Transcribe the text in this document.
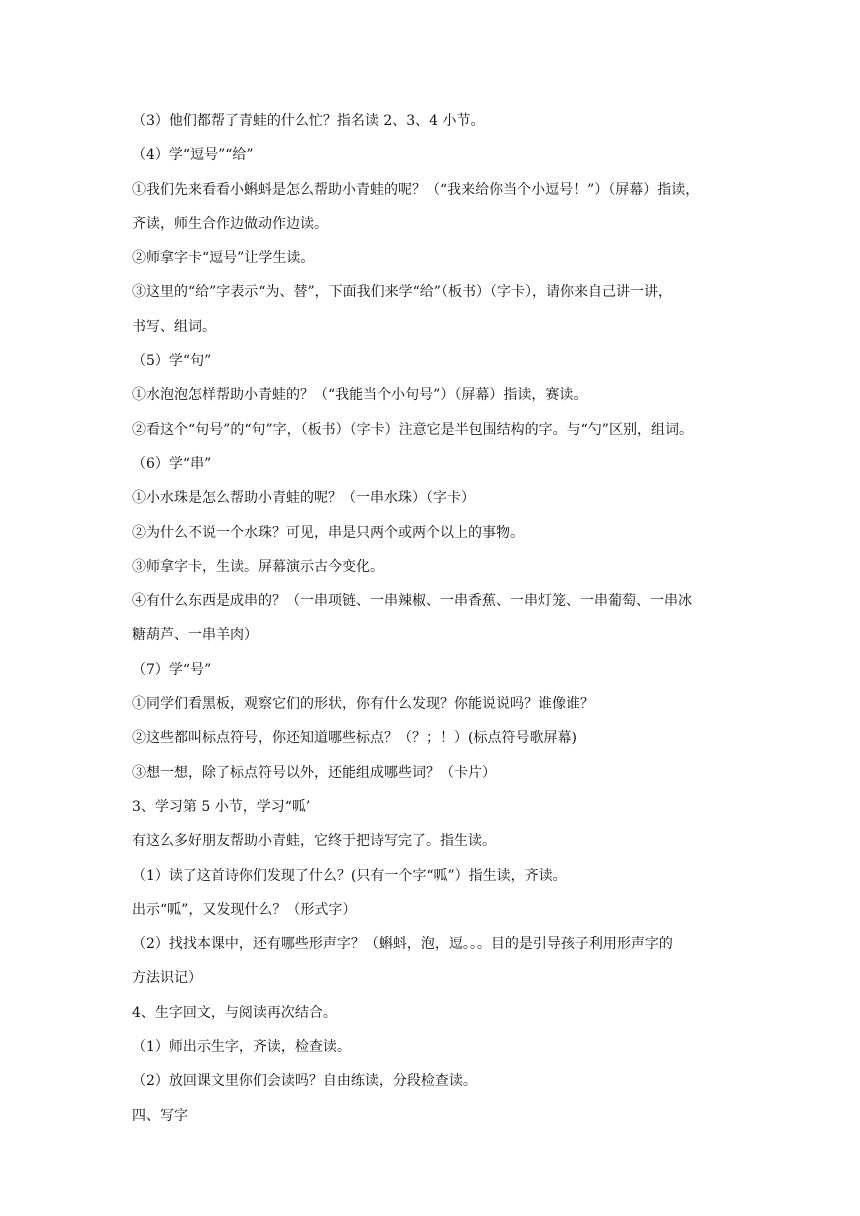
（3）他们都帮了青蛙的什么忙？指名读 2、3、4 小节。
（4）学“逗号”“给”
①我们先来看看小蝌蚪是怎么帮助小青蛙的呢？（“我来给你当个小逗号！”）（屏幕）指读，
齐读，师生合作边做动作边读。
②师拿字卡“逗号”让学生读。
③这里的“给”字表示“为、替”，下面我们来学“给”（板书）（字卡），请你来自己讲一讲，
书写、组词。
（5）学“句”
①水泡泡怎样帮助小青蛙的？（“我能当个小句号”）（屏幕）指读，赛读。
②看这个“句号”的“句”字，（板书）（字卡）注意它是半包围结构的字。与“勺”区别，组词。
（6）学“串”
①小水珠是怎么帮助小青蛙的呢？（一串水珠）（字卡）
②为什么不说一个水珠？可见，串是只两个或两个以上的事物。
③师拿字卡，生读。屏幕演示古今变化。
④有什么东西是成串的？（一串项链、一串辣椒、一串香蕉、一串灯笼、一串葡萄、一串冰
糖葫芦、一串羊肉）
（7）学“号”
①同学们看黑板，观察它们的形状，你有什么发现？你能说说吗？谁像谁？
②这些都叫标点符号，你还知道哪些标点？（？；！）(标点符号歌屏幕)
③想一想，除了标点符号以外，还能组成哪些词？（卡片）
3、学习第 5 小节，学习“呱’
有这么多好朋友帮助小青蛙，它终于把诗写完了。指生读。
（1）读了这首诗你们发现了什么？(只有一个字“呱”）指生读，齐读。
出示“呱”，又发现什么？（形式字）
（2）找找本课中，还有哪些形声字？（蝌蚪，泡，逗。。。目的是引导孩子利用形声字的
方法识记）
4、生字回文，与阅读再次结合。
（1）师出示生字，齐读，检查读。
（2）放回课文里你们会读吗？自由练读，分段检查读。
四、写字
